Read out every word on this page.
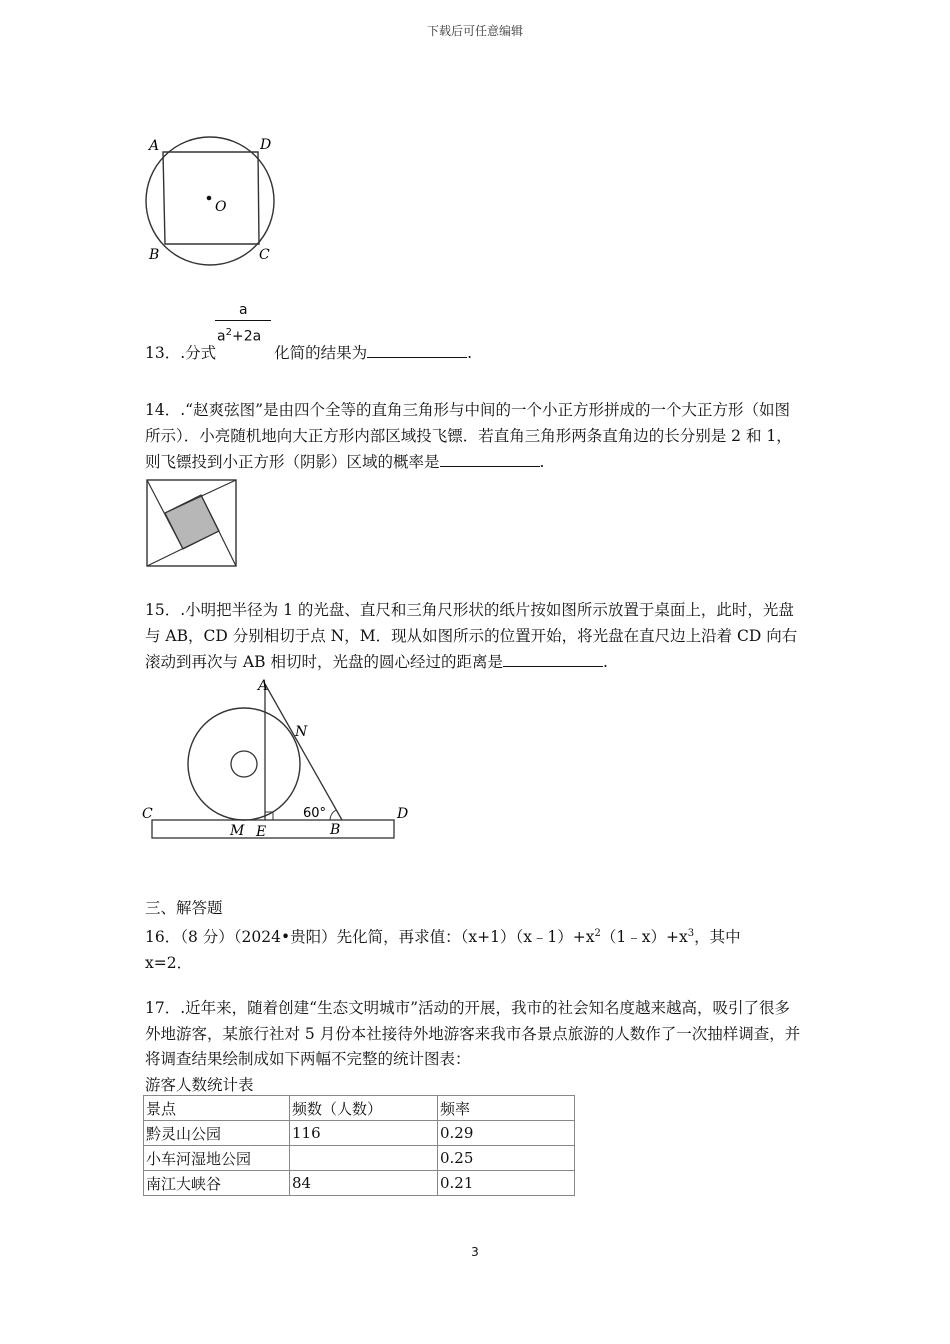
下载后可任意编辑
A	D
B	C
O
a
$a^2+2a$
13．.分式	化简的结果为	.
14．.“赵爽弦图”是由四个全等的直角三角形与中间的一个小正方形拼成的一个大正方形（如图所示）．小亮随机地向大正方形内部区域投飞镖．若直角三角形两条直角边的长分别是 2 和 1，则飞镖投到小正方形（阴影）区域的概率是	.
15．.小明把半径为 1 的光盘、直尺和三角尺形状的纸片按如图所示放置于桌面上，此时，光盘与 AB，CD 分别相切于点 N，M．现从如图所示的位置开始，将光盘在直尺边上沿着 CD 向右滚动到再次与 AB 相切时，光盘的圆心经过的距离是	.
A
N
C	D
M E	B
60°
三、解答题
16．（8 分）（2024•贵阳）先化简，再求值：$(x+1)(x﹣1)+x^2(1﹣x)+x^3$，其中
x=2．
17．.近年来，随着创建“生态文明城市”活动的开展，我市的社会知名度越来越高，吸引了很多外地游客，某旅行社对 5 月份本社接待外地游客来我市各景点旅游的人数作了一次抽样调查，并将调查结果绘制成如下两幅不完整的统计图表：
游客人数统计表
景点	频数（人数）	频率
黔灵山公园	116	0.29
小车河湿地公园		0.25
南江大峡谷	84	0.21
3
